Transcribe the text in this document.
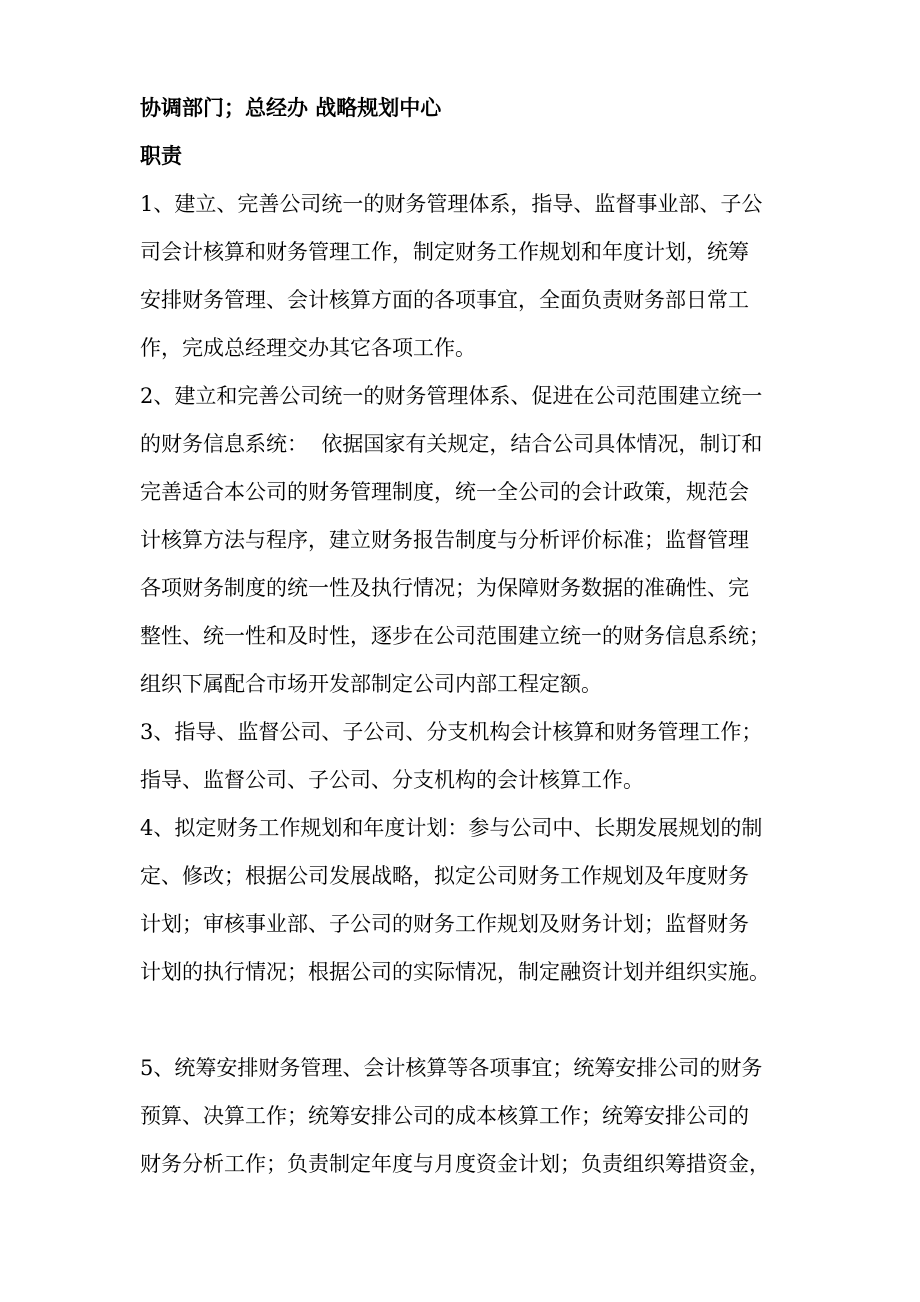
协调部门；总经办 战略规划中心
职责
1、建立、完善公司统一的财务管理体系，指导、监督事业部、子公
司会计核算和财务管理工作，制定财务工作规划和年度计划，统筹
安排财务管理、会计核算方面的各项事宜，全面负责财务部日常工
作，完成总经理交办其它各项工作。
2、建立和完善公司统一的财务管理体系、促进在公司范围建立统一
的财务信息系统：  依据国家有关规定，结合公司具体情况，制订和
完善适合本公司的财务管理制度，统一全公司的会计政策，规范会
计核算方法与程序，建立财务报告制度与分析评价标准；监督管理
各项财务制度的统一性及执行情况；为保障财务数据的准确性、完
整性、统一性和及时性，逐步在公司范围建立统一的财务信息系统；
组织下属配合市场开发部制定公司内部工程定额。
3、指导、监督公司、子公司、分支机构会计核算和财务管理工作；
指导、监督公司、子公司、分支机构的会计核算工作。
4、拟定财务工作规划和年度计划：参与公司中、长期发展规划的制
定、修改；根据公司发展战略，拟定公司财务工作规划及年度财务
计划；审核事业部、子公司的财务工作规划及财务计划；监督财务
计划的执行情况；根据公司的实际情况，制定融资计划并组织实施。
5、统筹安排财务管理、会计核算等各项事宜；统筹安排公司的财务
预算、决算工作；统筹安排公司的成本核算工作；统筹安排公司的
财务分析工作；负责制定年度与月度资金计划；负责组织筹措资金，
